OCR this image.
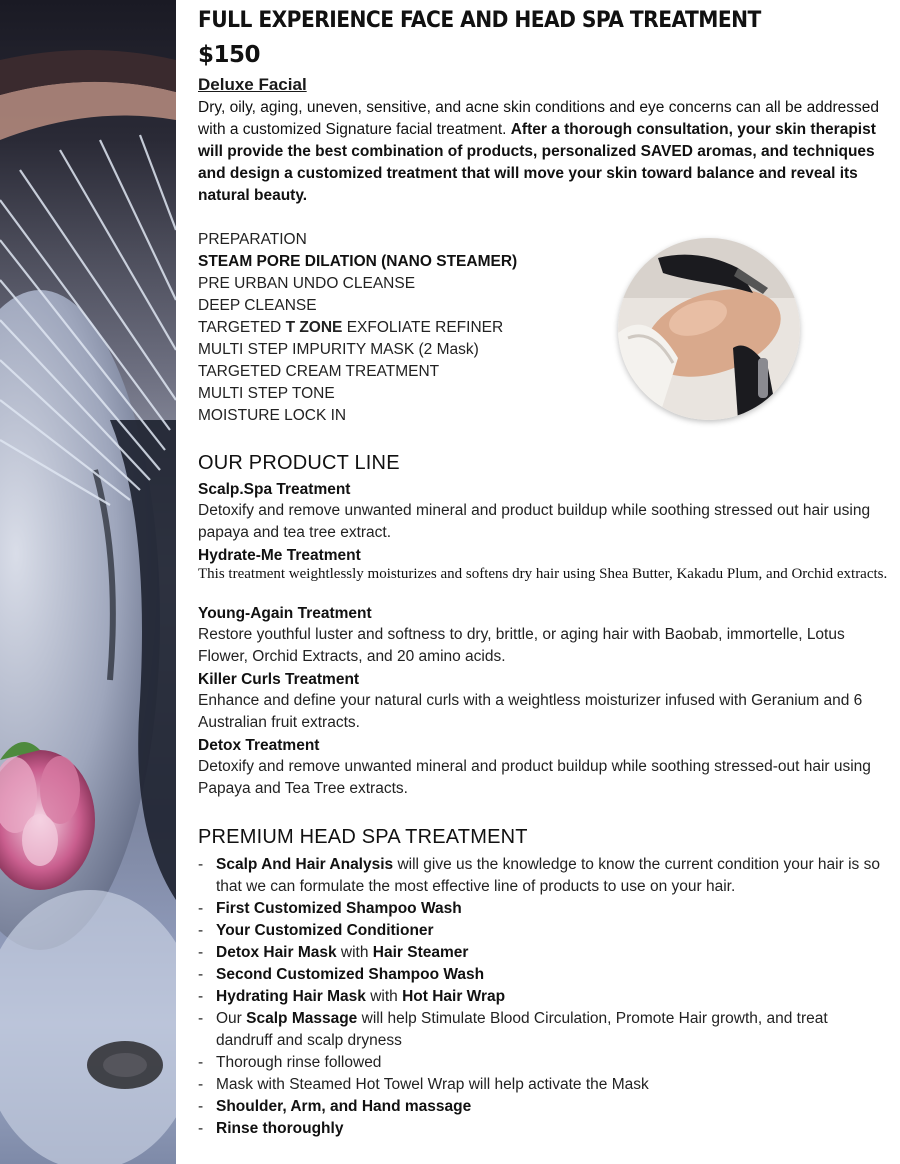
FULL EXPERIENCE FACE AND HEAD SPA TREATMENT
$150
Deluxe Facial

Dry, oily, aging, uneven, sensitive, and acne skin conditions and eye concerns can all be addressed with a customized Signature facial treatment. After a thorough consultation, your skin therapist will provide the best combination of products, personalized SAVED aromas, and techniques and design a customized treatment that will move your skin toward balance and reveal its natural beauty.

PREPARATION
STEAM PORE DILATION (NANO STEAMER)
PRE URBAN UNDO CLEANSE
DEEP CLEANSE
TARGETED T ZONE EXFOLIATE REFINER
MULTI STEP IMPURITY MASK (2 Mask)
TARGETED CREAM TREATMENT
MULTI STEP TONE
MOISTURE LOCK IN
OUR PRODUCT LINE
Scalp.Spa Treatment

Detoxify and remove unwanted mineral and product buildup while soothing stressed out hair using papaya and tea tree extract.

Hydrate-Me Treatment

This treatment weightlessly moisturizes and softens dry hair using Shea Butter, Kakadu Plum, and Orchid extracts.

Young-Again Treatment

Restore youthful luster and softness to dry, brittle, or aging hair with Baobab, immortelle, Lotus Flower, Orchid Extracts, and 20 amino acids.

Killer Curls Treatment

Enhance and define your natural curls with a weightless moisturizer infused with Geranium and 6 Australian fruit extracts.

Detox Treatment

Detoxify and remove unwanted mineral and product buildup while soothing stressed-out hair using Papaya and Tea Tree extracts.

PREMIUM HEAD SPA TREATMENT
- Scalp And Hair Analysis will give us the knowledge to know the current condition your hair is so that we can formulate the most effective line of products to use on your hair.
- First Customized Shampoo Wash
- Your Customized Conditioner
- Detox Hair Mask with Hair Steamer
- Second Customized Shampoo Wash
- Hydrating Hair Mask with Hot Hair Wrap
- Our Scalp Massage will help Stimulate Blood Circulation, Promote Hair growth, and treat dandruff and scalp dryness
- Thorough rinse followed
- Mask with Steamed Hot Towel Wrap will help activate the Mask
- Shoulder, Arm, and Hand massage
- Rinse thoroughly
